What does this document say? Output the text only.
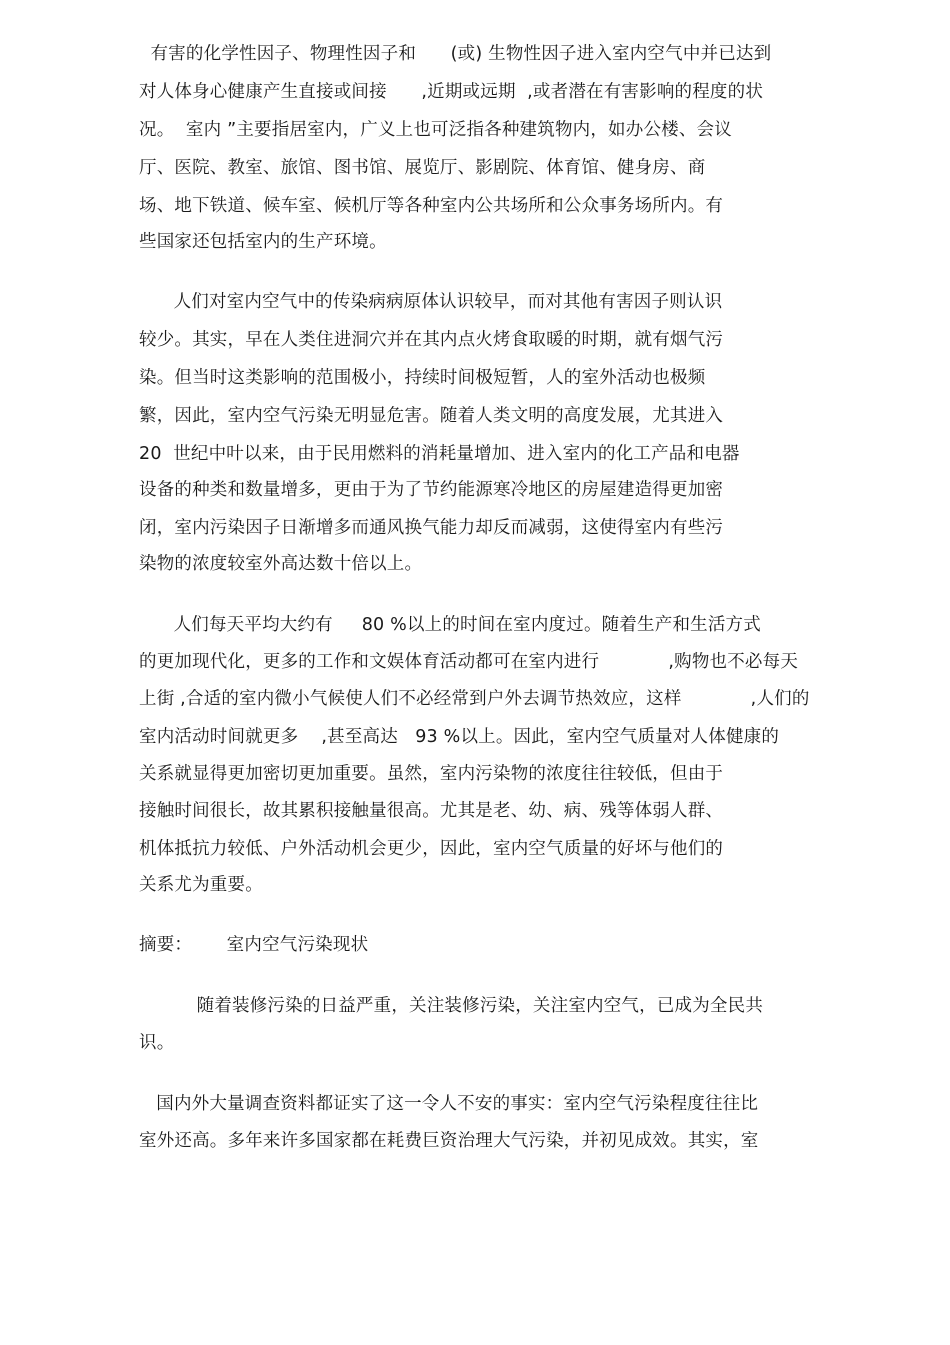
有害的化学性因子、物理性因子和      (或) 生物性因子进入室内空气中并已达到
对人体身心健康产生直接或间接      ,近期或远期  ,或者潜在有害影响的程度的状
况。  室内 ”主要指居室内，广义上也可泛指各种建筑物内，如办公楼、会议
厅、医院、教室、旅馆、图书馆、展览厅、影剧院、体育馆、健身房、商
场、地下铁道、候车室、候机厅等各种室内公共场所和公众事务场所内。有
些国家还包括室内的生产环境。
人们对室内空气中的传染病病原体认识较早，而对其他有害因子则认识
较少。其实，早在人类住进洞穴并在其内点火烤食取暖的时期，就有烟气污
染。但当时这类影响的范围极小，持续时间极短暂，人的室外活动也极频
繁，因此，室内空气污染无明显危害。随着人类文明的高度发展，尤其进入
20  世纪中叶以来，由于民用燃料的消耗量增加、进入室内的化工产品和电器
设备的种类和数量增多，更由于为了节约能源寒冷地区的房屋建造得更加密
闭，室内污染因子日渐增多而通风换气能力却反而减弱，这使得室内有些污
染物的浓度较室外高达数十倍以上。
人们每天平均大约有     80 %以上的时间在室内度过。随着生产和生活方式
的更加现代化，更多的工作和文娱体育活动都可在室内进行            ,购物也不必每天
上街 ,合适的室内微小气候使人们不必经常到户外去调节热效应，这样            ,人们的
室内活动时间就更多    ,甚至高达   93 %以上。因此，室内空气质量对人体健康的
关系就显得更加密切更加重要。虽然，室内污染物的浓度往往较低，但由于
接触时间很长，故其累积接触量很高。尤其是老、幼、病、残等体弱人群、
机体抵抗力较低、户外活动机会更少，因此，室内空气质量的好坏与他们的
关系尤为重要。
摘要：      室内空气污染现状
随着装修污染的日益严重，关注装修污染，关注室内空气，已成为全民共
识。
国内外大量调查资料都证实了这一令人不安的事实：室内空气污染程度往往比
室外还高。多年来许多国家都在耗费巨资治理大气污染，并初见成效。其实，室
